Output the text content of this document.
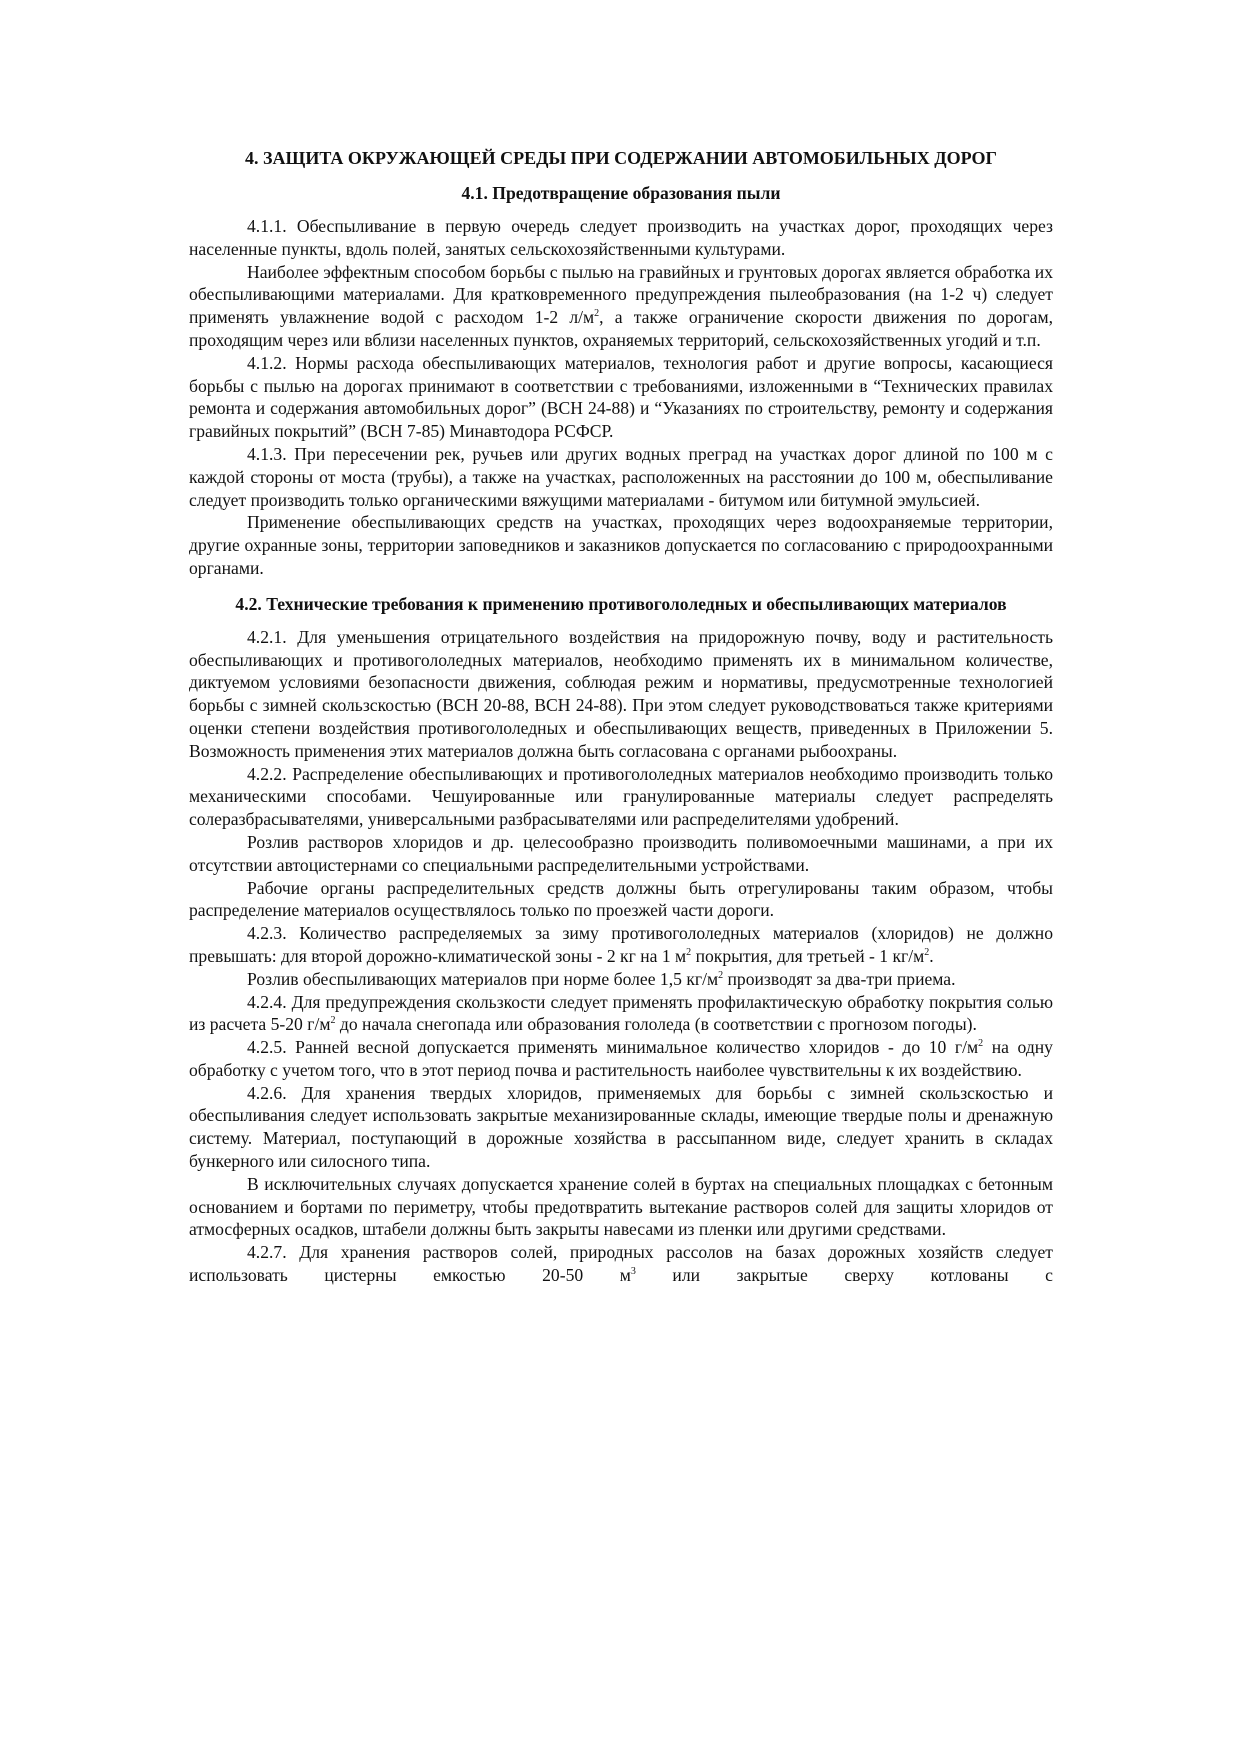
4. ЗАЩИТА ОКРУЖАЮЩЕЙ СРЕДЫ ПРИ СОДЕРЖАНИИ АВТОМОБИЛЬНЫХ ДОРОГ
4.1. Предотвращение образования пыли

4.1.1. Обеспыливание в первую очередь следует производить на участках дорог, проходящих через населенные пункты, вдоль полей, занятых сельскохозяйственными культурами.

Наиболее эффектным способом борьбы с пылью на гравийных и грунтовых дорогах является обработка их обеспыливающими материалами. Для кратковременного предупреждения пылеобразования (на 1-2 ч) следует применять увлажнение водой с расходом 1-2 $л/м^2$, а также ограничение скорости движения по дорогам, проходящим через или вблизи населенных пунктов, охраняемых территорий, сельскохозяйственных угодий и т.п.

4.1.2. Нормы расхода обеспыливающих материалов, технология работ и другие вопросы, касающиеся борьбы с пылью на дорогах принимают в соответствии с требованиями, изложенными в “Технических правилах ремонта и содержания автомобильных дорог” (ВСН 24-88) и “Указаниях по строительству, ремонту и содержания гравийных покрытий” (ВСН 7-85) Минавтодора РСФСР.

4.1.3. При пересечении рек, ручьев или других водных преград на участках дорог длиной по 100 м с каждой стороны от моста (трубы), а также на участках, расположенных на расстоянии до 100 м, обеспыливание следует производить только органическими вяжущими материалами - битумом или битумной эмульсией.

Применение обеспыливающих средств на участках, проходящих через водоохраняемые территории, другие охранные зоны, территории заповедников и заказников допускается по согласованию с природоохранными органами.

4.2. Технические требования к применению противогололедных и обеспыливающих материалов

4.2.1. Для уменьшения отрицательного воздействия на придорожную почву, воду и растительность обеспыливающих и противогололедных материалов, необходимо применять их в минимальном количестве, диктуемом условиями безопасности движения, соблюдая режим и нормативы, предусмотренные технологией борьбы с зимней скользскостью (ВСН 20-88, ВСН 24-88). При этом следует руководствоваться также критериями оценки степени воздействия противогололедных и обеспыливающих веществ, приведенных в Приложении 5. Возможность применения этих материалов должна быть согласована с органами рыбоохраны.

4.2.2. Распределение обеспыливающих и противогололедных материалов необходимо производить только механическими способами. Чешуированные или гранулированные материалы следует распределять солеразбрасывателями, универсальными разбрасывателями или распределителями удобрений.

Розлив растворов хлоридов и др. целесообразно производить поливомоечными машинами, а при их отсутствии автоцистернами со специальными распределительными устройствами.

Рабочие органы распределительных средств должны быть отрегулированы таким образом, чтобы распределение материалов осуществлялось только по проезжей части дороги.

4.2.3. Количество распределяемых за зиму противогололедных материалов (хлоридов) не должно превышать: для второй дорожно-климатической зоны - 2 кг на 1 $м^2$ покрытия, для третьей - 1 $кг/м^2$.

Розлив обеспыливающих материалов при норме более 1,5 $кг/м^2$ производят за два-три приема.

4.2.4. Для предупреждения скользкости следует применять профилактическую обработку покрытия солью из расчета 5-20 $г/м^2$ до начала снегопада или образования гололеда (в соответствии с прогнозом погоды).

4.2.5. Ранней весной допускается применять минимальное количество хлоридов - до 10 $г/м^2$ на одну обработку с учетом того, что в этот период почва и растительность наиболее чувствительны к их воздействию.

4.2.6. Для хранения твердых хлоридов, применяемых для борьбы с зимней скользскостью и обеспыливания следует использовать закрытые механизированные склады, имеющие твердые полы и дренажную систему. Материал, поступающий в дорожные хозяйства в рассыпанном виде, следует хранить в складах бункерного или силосного типа.

В исключительных случаях допускается хранение солей в буртах на специальных площадках с бетонным основанием и бортами по периметру, чтобы предотвратить вытекание растворов солей для защиты хлоридов от атмосферных осадков, штабели должны быть закрыты навесами из пленки или другими средствами.

4.2.7. Для хранения растворов солей, природных рассолов на базах дорожных хозяйств следует использовать цистерны емкостью 20-50 $м^3$ или закрытые сверху котлованы с
